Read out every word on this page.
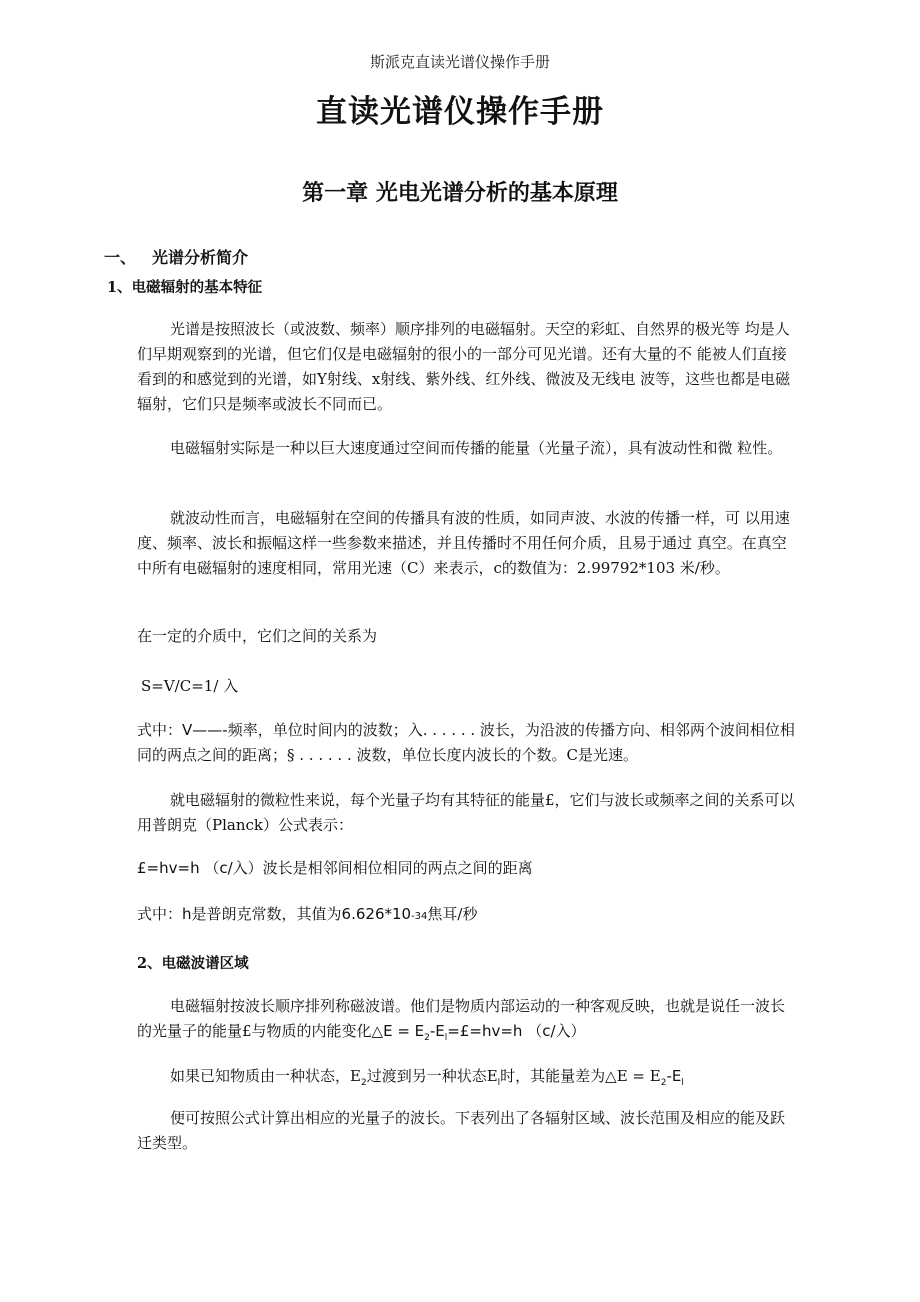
斯派克直读光谱仪操作手册
直读光谱仪操作手册
第一章 光电光谱分析的基本原理
一、 光谱分析简介
1、电磁辐射的基本特征
光谱是按照波长（或波数、频率）顺序排列的电磁辐射。天空的彩虹、自然界的极光等 均是人们早期观察到的光谱，但它们仅是电磁辐射的很小的一部分可见光谱。还有大量的不 能被人们直接看到的和感觉到的光谱，如Y射线、x射线、紫外线、红外线、微波及无线电 波等，这些也都是电磁辐射，它们只是频率或波长不同而已。
电磁辐射实际是一种以巨大速度通过空间而传播的能量（光量子流），具有波动性和微 粒性。
就波动性而言，电磁辐射在空间的传播具有波的性质，如同声波、水波的传播一样，可 以用速度、频率、波长和振幅这样一些参数来描述，并且传播时不用任何介质，且易于通过 真空。在真空中所有电磁辐射的速度相同，常用光速（C）来表示，c的数值为：2.99792*103 米/秒。
在一定的介质中，它们之间的关系为
S=V/C=1/ 入
式中：V——-频率，单位时间内的波数；入. . . . . . 波长，为沿波的传播方向、相邻两个波间相位相同的两点之间的距离；§ . . . . . . 波数，单位长度内波长的个数。C是光速。
就电磁辐射的微粒性来说，每个光量子均有其特征的能量£，它们与波长或频率之间的关系可以用普朗克（Planck）公式表示：
£=hv=h （c/入）波长是相邻间相位相同的两点之间的距离
式中：h是普朗克常数，其值为6.626*10-34焦耳/秒
2、电磁波谱区域
电磁辐射按波长顺序排列称磁波谱。他们是物质内部运动的一种客观反映，也就是说任一波长的光量子的能量£与物质的内能变化△E = $E_2-E_l=£=hv=h$ （c/入）
如果已知物质由一种状态，$E_2$过渡到另一种状态$E_l$时，其能量差为△E = $E_2-E_l$
便可按照公式计算出相应的光量子的波长。下表列出了各辐射区域、波长范围及相应的能及跃迁类型。
